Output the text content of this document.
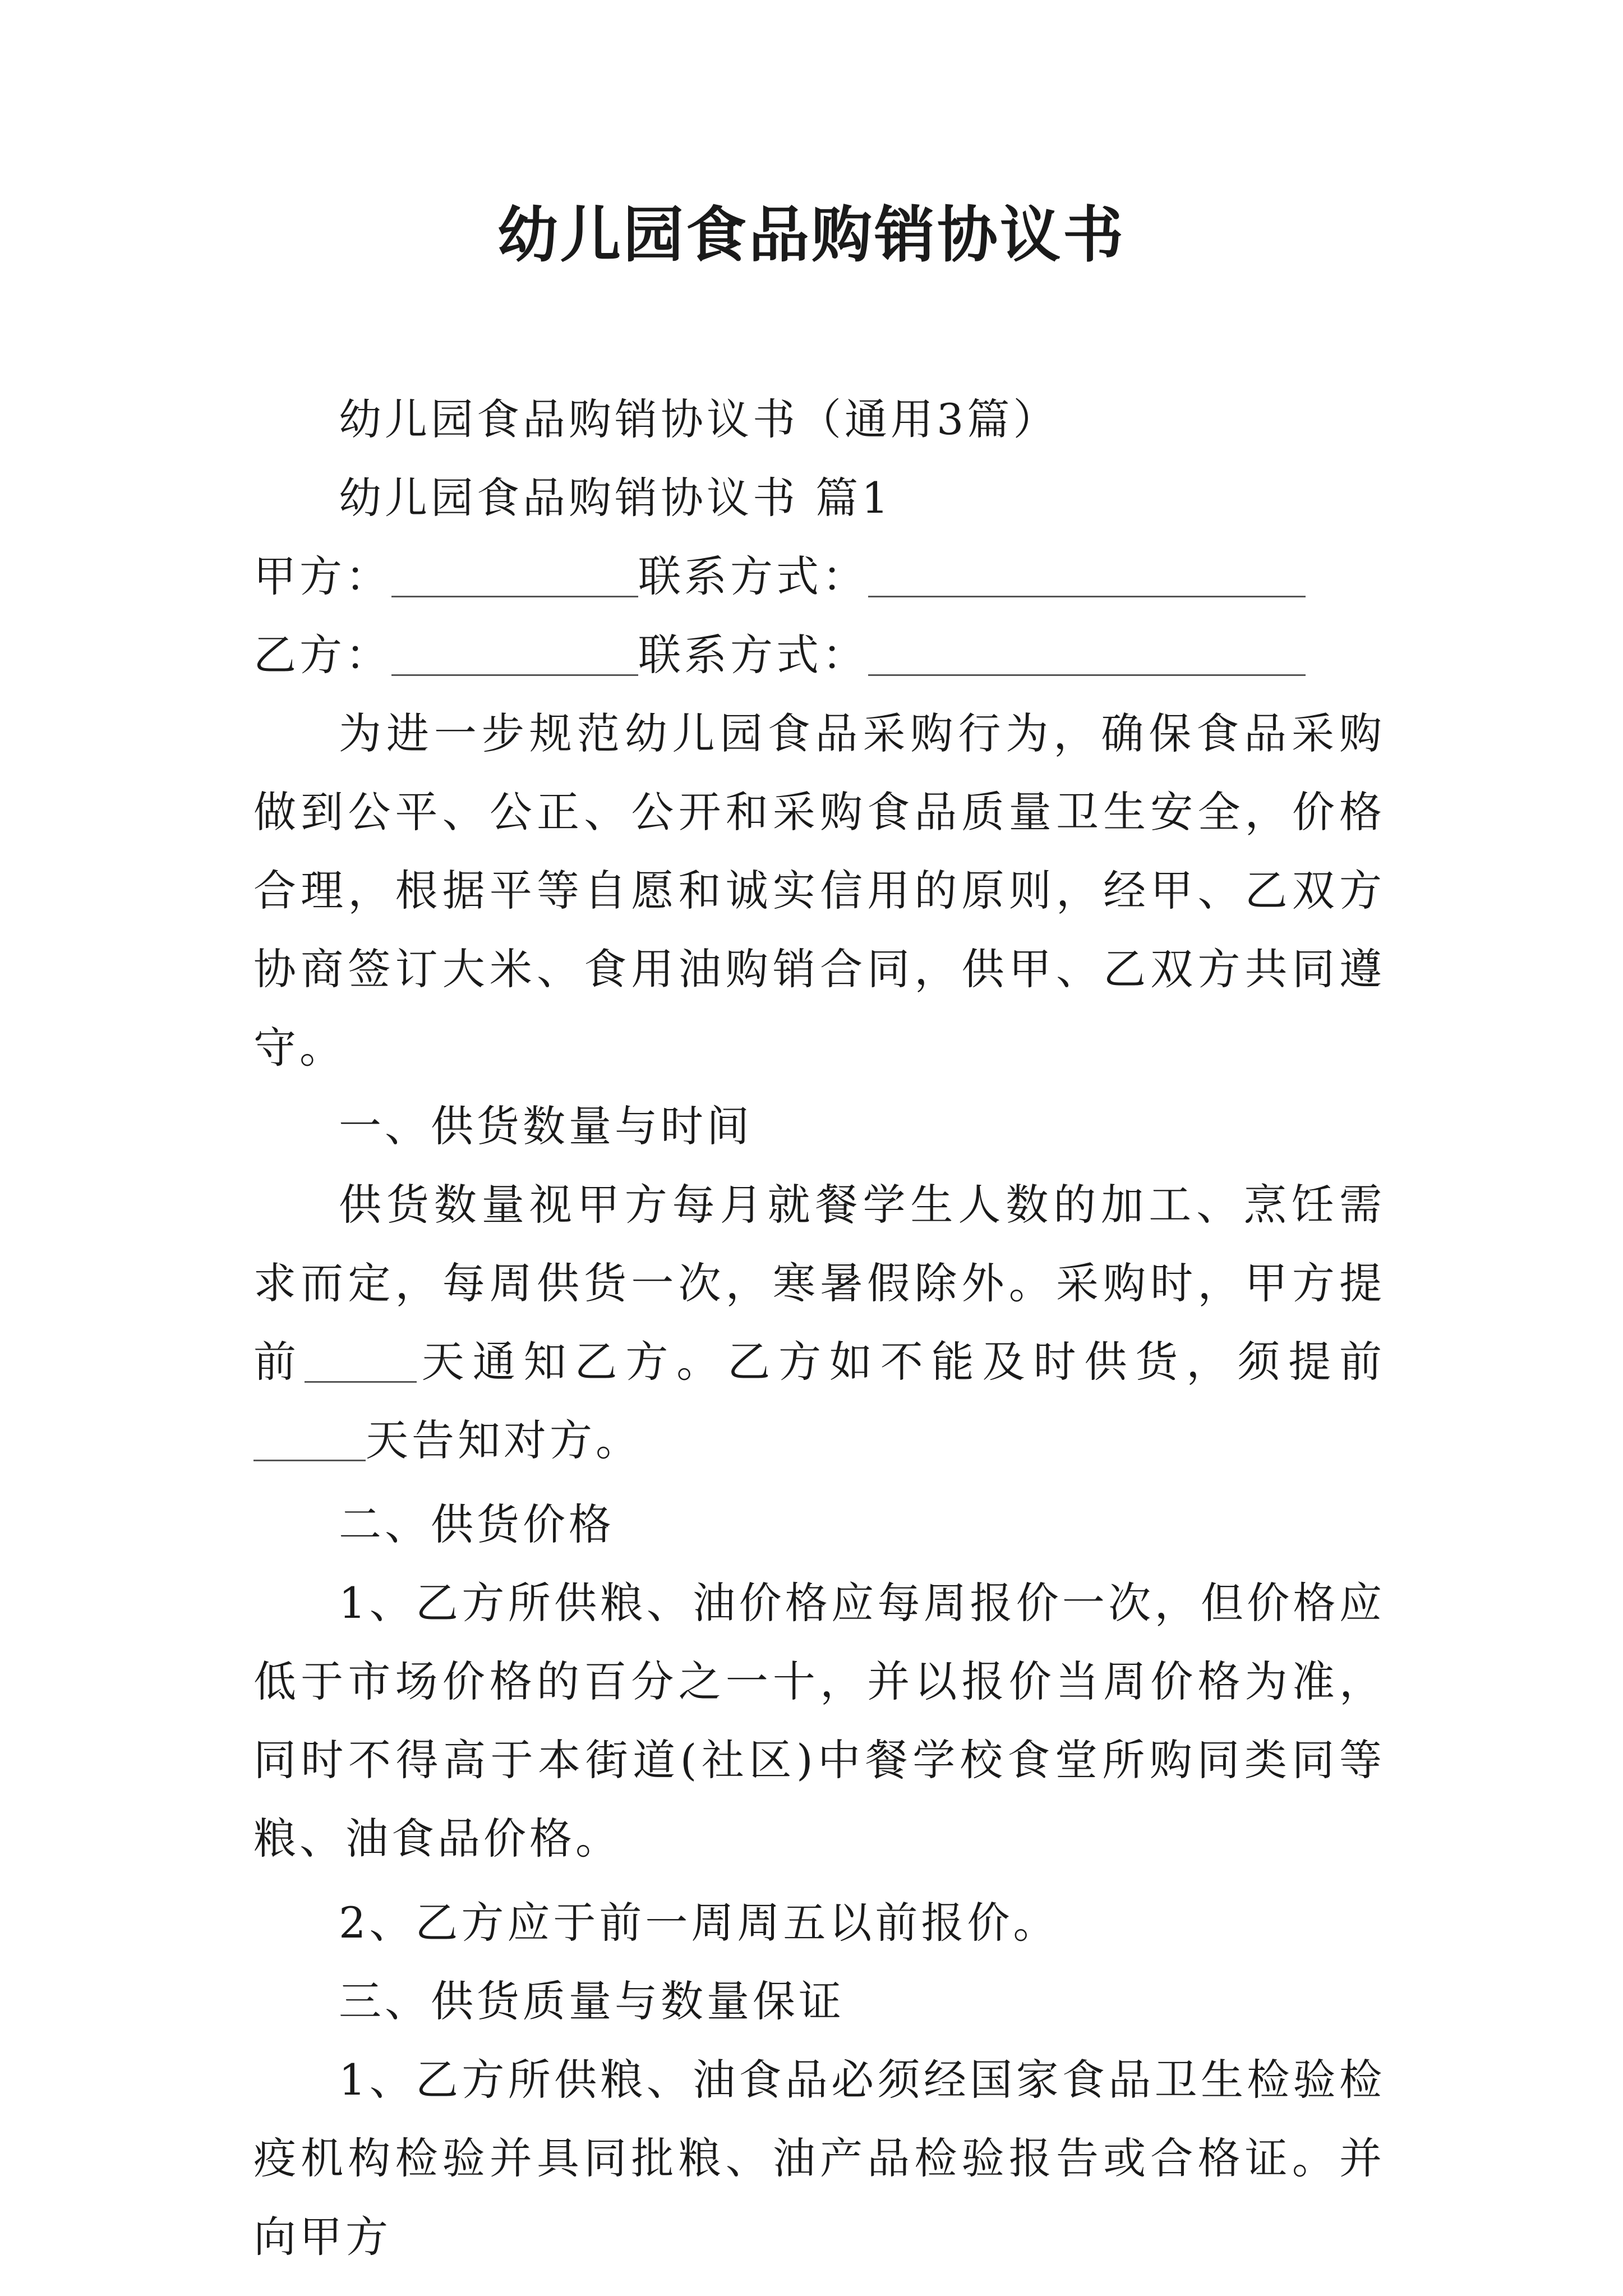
幼儿园食品购销协议书

幼儿园食品购销协议书（通用3篇）

幼儿园食品购销协议书 篇1

甲方：	联系方式：

乙方：	联系方式：

为进一步规范幼儿园食品采购行为，确保食品采购做到公平、公正、公开和采购食品质量卫生安全，价格合理，根据平等自愿和诚实信用的原则，经甲、乙双方协商签订大米、食用油购销合同，供甲、乙双方共同遵守。

一、供货数量与时间

供货数量视甲方每月就餐学生人数的加工、烹饪需求而定，每周供货一次，寒暑假除外。采购时，甲方提前	天通知乙方。乙方如不能及时供货，须提前天告知对方。

二、供货价格

1、乙方所供粮、油价格应每周报价一次，但价格应低于市场价格的百分之一十，并以报价当周价格为准，同时不得高于本街道(社区)中餐学校食堂所购同类同等粮、油食品价格。

2、乙方应于前一周周五以前报价。

三、供货质量与数量保证

1、乙方所供粮、油食品必须经国家食品卫生检验检疫机构检验并具同批粮、油产品检验报告或合格证。并向甲方
